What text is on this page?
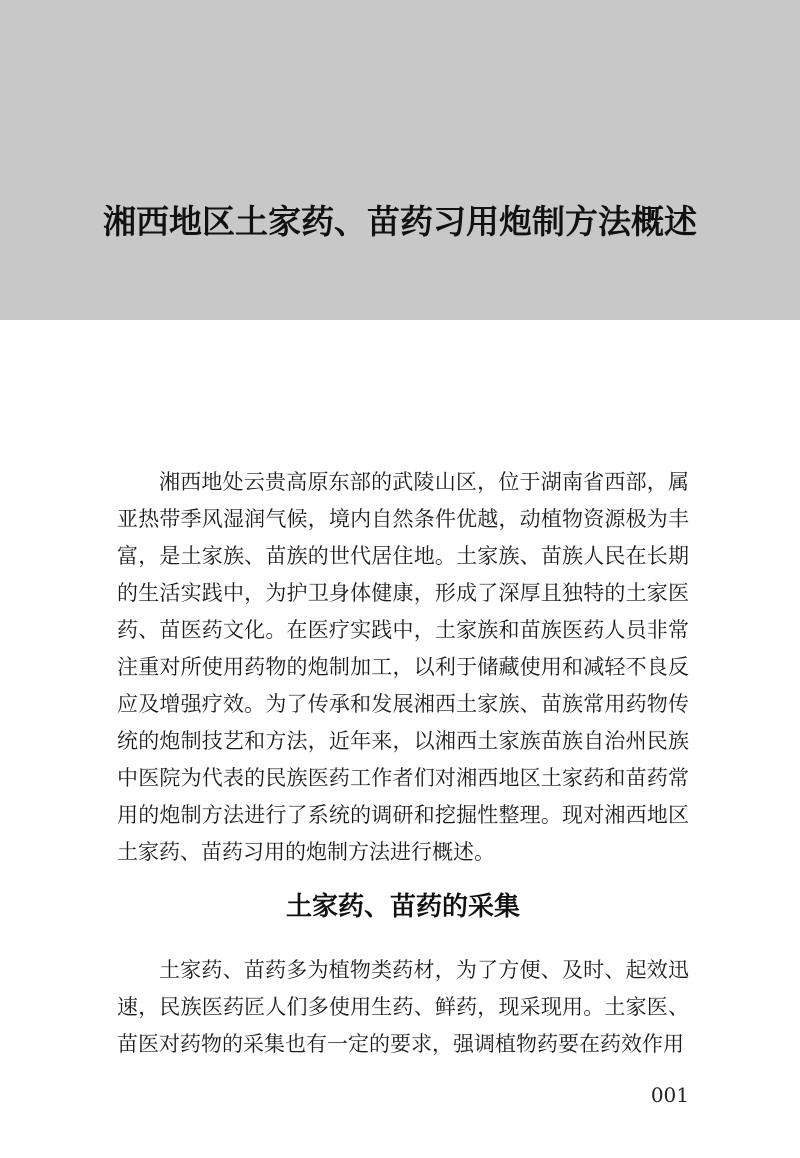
湘西地区土家药、苗药习用炮制方法概述

湘西地处云贵高原东部的武陵山区，位于湖南省西部，属亚热带季风湿润气候，境内自然条件优越，动植物资源极为丰富，是土家族、苗族的世代居住地。土家族、苗族人民在长期的生活实践中，为护卫身体健康，形成了深厚且独特的土家医药、苗医药文化。在医疗实践中，土家族和苗族医药人员非常注重对所使用药物的炮制加工，以利于储藏使用和减轻不良反应及增强疗效。为了传承和发展湘西土家族、苗族常用药物传统的炮制技艺和方法，近年来，以湘西土家族苗族自治州民族中医院为代表的民族医药工作者们对湘西地区土家药和苗药常用的炮制方法进行了系统的调研和挖掘性整理。现对湘西地区土家药、苗药习用的炮制方法进行概述。

土家药、苗药的采集

土家药、苗药多为植物类药材，为了方便、及时、起效迅速，民族医药匠人们多使用生药、鲜药，现采现用。土家医、苗医对药物的采集也有一定的要求，强调植物药要在药效作用

001
